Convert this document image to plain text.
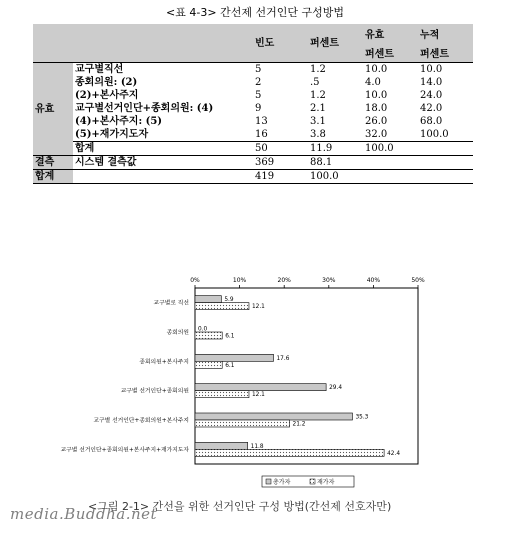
<표 4-3> 간선제 선거인단 구성방법
		빈도	퍼센트	유효	누적
				퍼센트	퍼센트
유효	교구별직선	5	1.2	10.0	10.0
	종회의원: (2)	2	.5	4.0	14.0
	(2)+본사주지	5	1.2	10.0	24.0
	교구별선거인단+종회의원: (4)	9	2.1	18.0	42.0
	(4)+본사주지: (5)	13	3.1	26.0	68.0
	(5)+재가지도자	16	3.8	32.0	100.0
	합계	50	11.9	100.0	
결측	시스템 결측값	369	88.1		
합계		419	100.0		
0%	10%	20%	30%	40%	50%
교구별로 직선
5.9
12.1
종회의원
0.0
6.1
종회의원+본사주지
17.6
6.1
교구별 선거인단+종회의원
29.4
12.1
교구별 선거인단+종회의원+본사주지
35.3
21.2
교구별 선거인단+종회의원+본사주지+재가지도자
11.8
42.4
총가자	재가자
<그림 2-1> 간선을 위한 선거인단 구성 방법(간선제 선호자만)
media.Buddha.net
